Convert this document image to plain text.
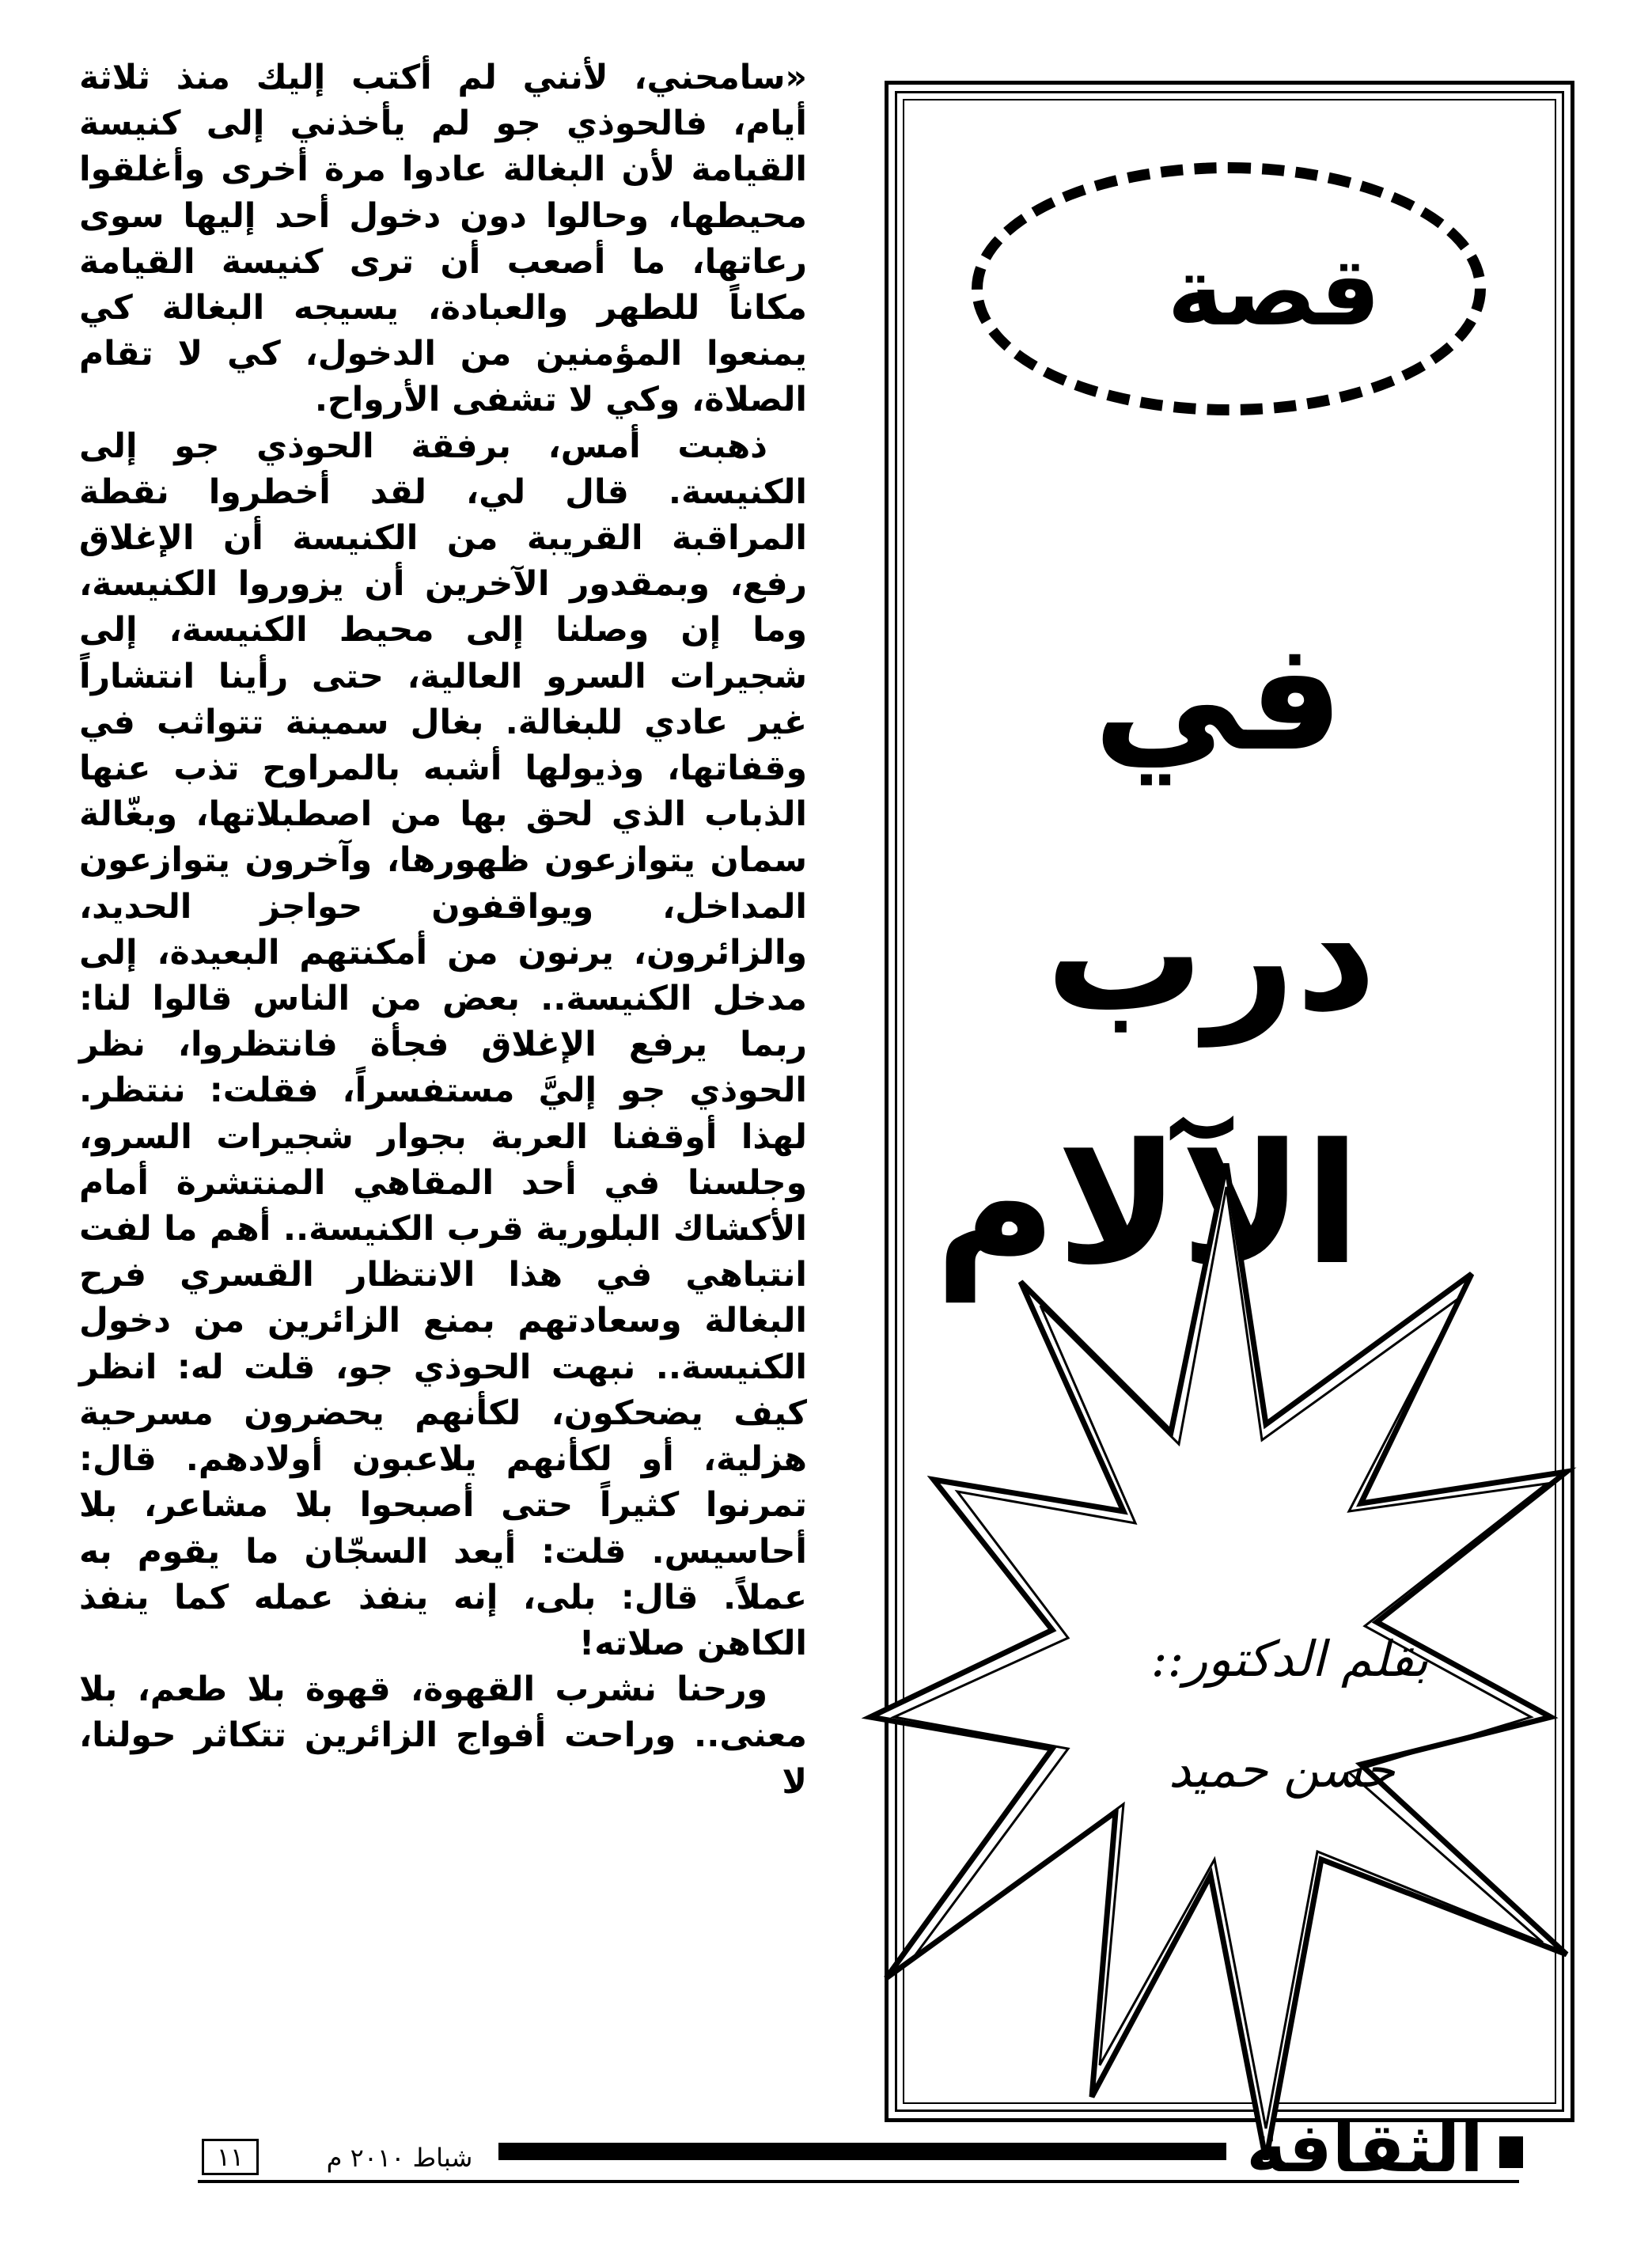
«سامحني، لأنني لم أكتب إليك منذ ثلاثة أيام، فالحوذي جو لم يأخذني إلى كنيسة القيامة لأن البغالة عادوا مرة أخرى وأغلقوا محيطها، وحالوا دون دخول أحد إليها سوى رعاتها، ما أصعب أن ترى كنيسة القيامة مكاناً للطهر والعبادة، يسيجه البغالة كي يمنعوا المؤمنين من الدخول، كي لا تقام الصلاة، وكي لا تشفى الأرواح.

ذهبت أمس، برفقة الحوذي جو إلى الكنيسة. قال لي، لقد أخطروا نقطة المراقبة القريبة من الكنيسة أن الإغلاق رفع، وبمقدور الآخرين أن يزوروا الكنيسة، وما إن وصلنا إلى محيط الكنيسة، إلى شجيرات السرو العالية، حتى رأينا انتشاراً غير عادي للبغالة. بغال سمينة تتواثب في وقفاتها، وذيولها أشبه بالمراوح تذب عنها الذباب الذي لحق بها من اصطبلاتها، وبغّالة سمان يتوازعون ظهورها، وآخرون يتوازعون المداخل، ويواقفون حواجز الحديد، والزائرون، يرنون من أمكنتهم البعيدة، إلى مدخل الكنيسة.. بعض من الناس قالوا لنا: ربما يرفع الإغلاق فجأة فانتظروا، نظر الحوذي جو إليَّ مستفسراً، فقلت: ننتظر. لهذا أوقفنا العربة بجوار شجيرات السرو، وجلسنا في أحد المقاهي المنتشرة أمام الأكشاك البلورية قرب الكنيسة.. أهم ما لفت انتباهي في هذا الانتظار القسري فرح البغالة وسعادتهم بمنع الزائرين من دخول الكنيسة.. نبهت الحوذي جو، قلت له: انظر كيف يضحكون، لكأنهم يحضرون مسرحية هزلية، أو لكأنهم يلاعبون أولادهم. قال: تمرنوا كثيراً حتى أصبحوا بلا مشاعر، بلا أحاسيس. قلت: أيعد السجّان ما يقوم به عملاً. قال: بلى، إنه ينفذ عمله كما ينفذ الكاهن صلاته!

ورحنا نشرب القهوة، قهوة بلا طعم، بلا معنى.. وراحت أفواج الزائرين تتكاثر حولنا، لا

قصة
في
درب
الآلام
بقلم الدكتور::
حسن حميد
الثقافة
شباط ٢٠١٠ م
١١
